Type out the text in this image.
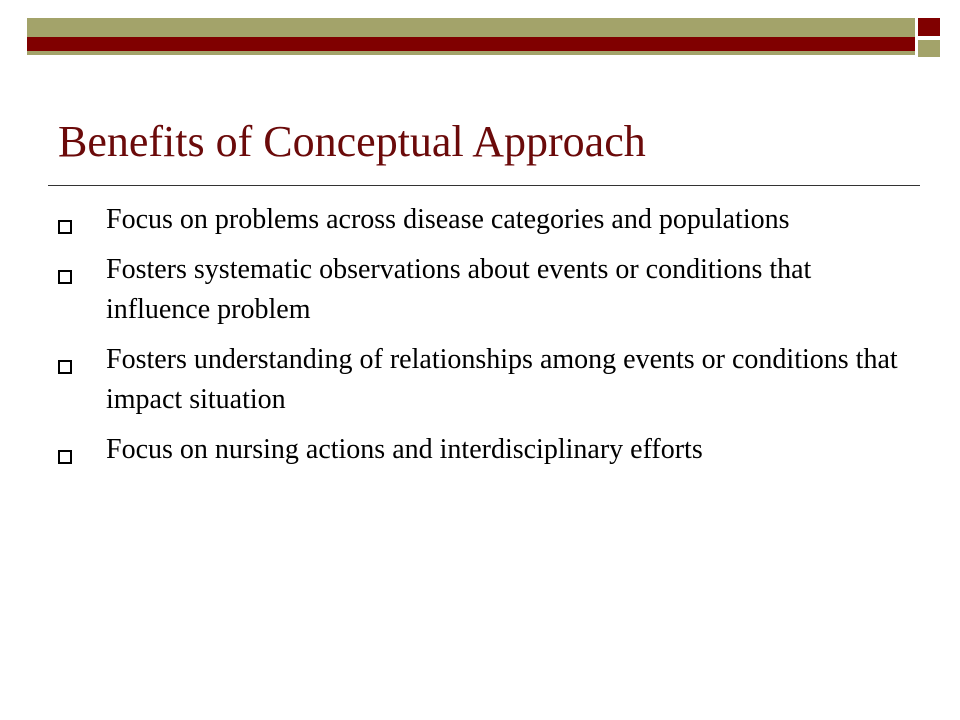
Benefits of Conceptual Approach
Focus on problems across disease categories and populations
Fosters systematic observations about events or conditions that influence problem
Fosters understanding of relationships among events or conditions that impact situation
Focus on nursing actions and interdisciplinary efforts
